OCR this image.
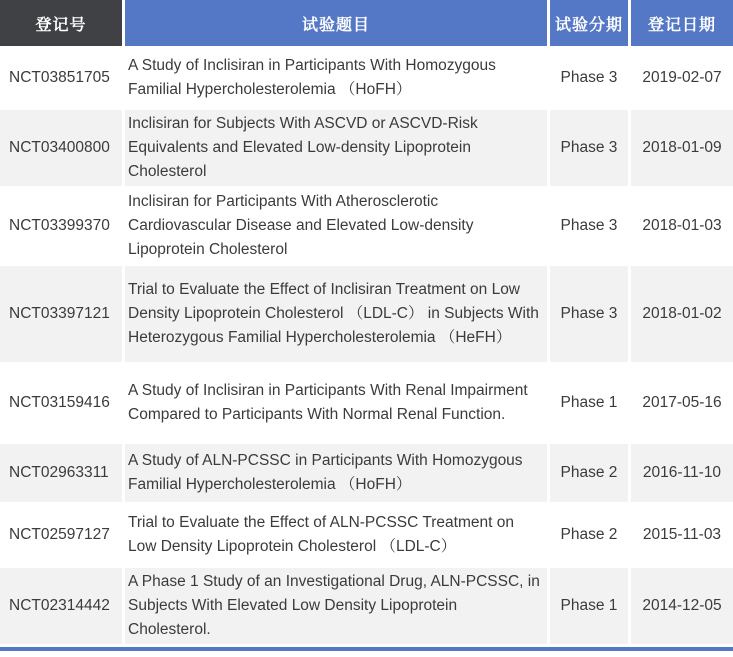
登记号	试验题目	试验分期	登记日期
NCT03851705	A Study of Inclisiran in Participants With Homozygous Familial Hypercholesterolemia （HoFH）	Phase 3	2019-02-07
NCT03400800	Inclisiran for Subjects With ASCVD or ASCVD-Risk Equivalents and Elevated Low-density Lipoprotein Cholesterol	Phase 3	2018-01-09
NCT03399370	Inclisiran for Participants With Atherosclerotic Cardiovascular Disease and Elevated Low-density Lipoprotein Cholesterol	Phase 3	2018-01-03
NCT03397121	Trial to Evaluate the Effect of Inclisiran Treatment on Low Density Lipoprotein Cholesterol （LDL-C） in Subjects With Heterozygous Familial Hypercholesterolemia （HeFH）	Phase 3	2018-01-02
NCT03159416	A Study of Inclisiran in Participants With Renal Impairment Compared to Participants With Normal Renal Function.	Phase 1	2017-05-16
NCT02963311	A Study of ALN-PCSSC in Participants With Homozygous Familial Hypercholesterolemia （HoFH）	Phase 2	2016-11-10
NCT02597127	Trial to Evaluate the Effect of ALN-PCSSC Treatment on Low Density Lipoprotein Cholesterol （LDL-C）	Phase 2	2015-11-03
NCT02314442	A Phase 1 Study of an Investigational Drug, ALN-PCSSC, in Subjects With Elevated Low Density Lipoprotein Cholesterol.	Phase 1	2014-12-05
